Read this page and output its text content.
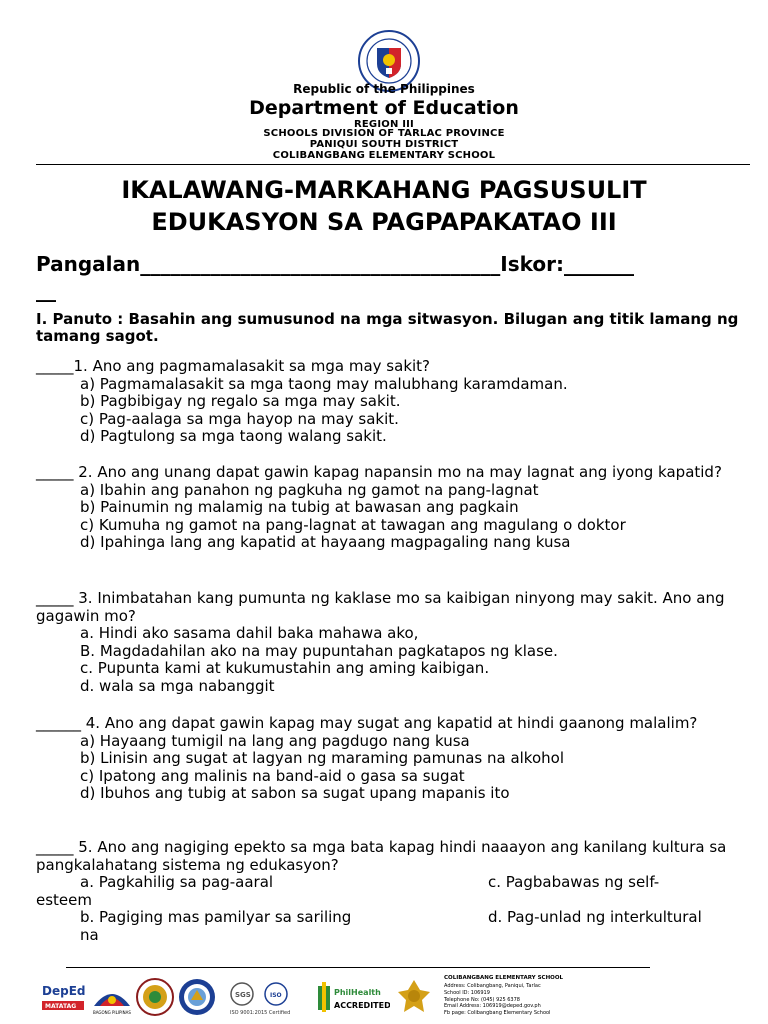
Republic of the Philippines
Department of Education
REGION III
SCHOOLS DIVISION OF TARLAC PROVINCE
PANIQUI SOUTH DISTRICT
COLIBANGBANG ELEMENTARY SCHOOL
IKALAWANG-MARKAHANG PAGSUSULIT
EDUKASYON SA PAGPAPAKATAO III
Pangalan____________________________________Iskor:_______
__
I. Panuto : Basahin ang sumusunod na mga sitwasyon. Bilugan ang titik lamang ng tamang sagot.
_____1. Ano ang pagmamalasakit sa mga may sakit?
a) Pagmamalasakit sa mga taong may malubhang karamdaman.
b) Pagbibigay ng regalo sa mga may sakit.
c) Pag-aalaga sa mga hayop na may sakit.
d) Pagtulong sa mga taong walang sakit.
_____ 2. Ano ang unang dapat gawin kapag napansin mo na may lagnat ang iyong kapatid?
a) Ibahin ang panahon ng pagkuha ng gamot na pang-lagnat
b) Painumin ng malamig na tubig at bawasan ang pagkain
c) Kumuha ng gamot na pang-lagnat at tawagan ang magulang o doktor
d) Ipahinga lang ang kapatid at hayaang magpagaling nang kusa
_____ 3. Inimbatahan kang pumunta ng kaklase mo sa kaibigan ninyong may sakit. Ano ang gagawin mo?
a. Hindi ako sasama dahil baka mahawa ako,
B. Magdadahilan ako na may pupuntahan pagkatapos ng klase.
c. Pupunta kami at kukumustahin ang aming kaibigan.
d. wala sa mga nabanggit
______ 4. Ano ang dapat gawin kapag may sugat ang kapatid at hindi gaanong malalim?
a) Hayaang tumigil na lang ang pagdugo nang kusa
b) Linisin ang sugat at lagyan ng maraming pamunas na alkohol
c) Ipatong ang malinis na band-aid o gasa sa sugat
d) Ibuhos ang tubig at sabon sa sugat upang mapanis ito
_____ 5. Ano ang nagiging epekto sa mga bata kapag hindi naaayon ang kanilang kultura sa pangkalahatang sistema ng edukasyon?
a. Pagkahilig sa pag-aaral	c. Pagbabawas ng self-
esteem
b. Pagiging mas pamilyar sa sariling	d. Pag-unlad ng interkultural
na
DepEd
MATATAG
BAGONG PILIPINAS
SGS	ISO
ISO 9001:2015 Certified
PhilHealth
ACCREDITED
COLIBANGBANG ELEMENTARY SCHOOL
Address: Colibangbang, Paniqui, Tarlac
School ID: 106919
Telephone No: (045) 925 6378
Email Address: 106919@deped.gov.ph
Fb page: Colibangbang Elementary School
